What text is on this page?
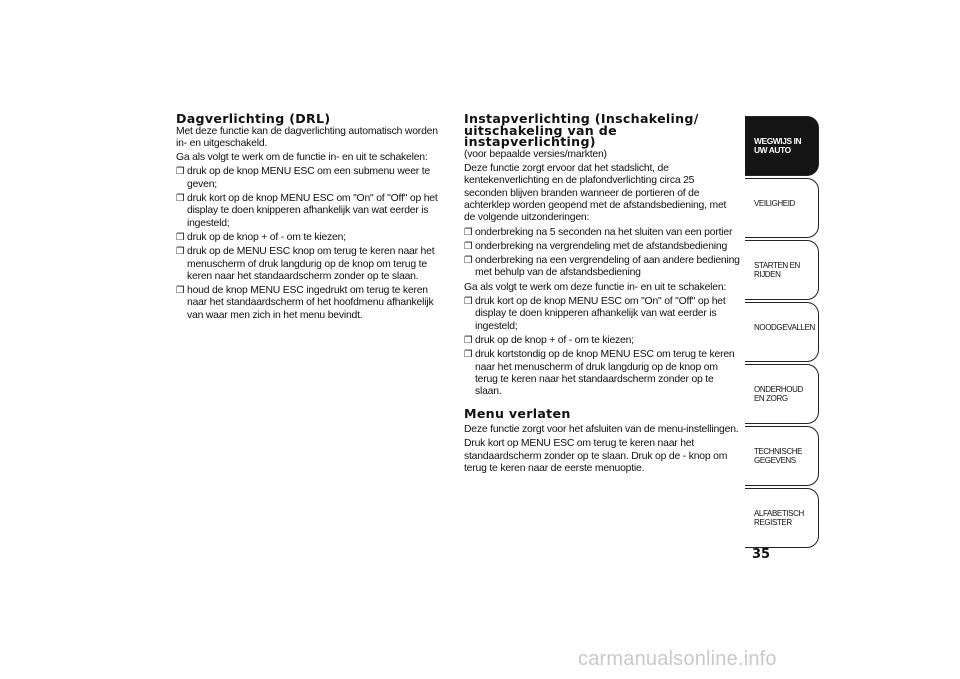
Dagverlichting (DRL)

Met deze functie kan de dagverlichting automatisch worden in- en uitgeschakeld.

Ga als volgt te werk om de functie in- en uit te schakelen:

❒ druk op de knop MENU ESC om een submenu weer te geven;
❒ druk kort op de knop MENU ESC om "On" of "Off" op het display te doen knipperen afhankelijk van wat eerder is ingesteld;
❒ druk op de knop + of - om te kiezen;
❒ druk op de MENU ESC knop om terug te keren naar het menuscherm of druk langdurig op de knop om terug te keren naar het standaardscherm zonder op te slaan.
❒ houd de knop MENU ESC ingedrukt om terug te keren naar het standaardscherm of het hoofdmenu afhankelijk van waar men zich in het menu bevindt.
Instapverlichting (Inschakeling/ uitschakeling van de instapverlichting)

(voor bepaalde versies/markten)

Deze functie zorgt ervoor dat het stadslicht, de kentekenverlichting en de plafondverlichting circa 25 seconden blijven branden wanneer de portieren of de achterklep worden geopend met de afstandsbediening, met de volgende uitzonderingen:

❒ onderbreking na 5 seconden na het sluiten van een portier
❒ onderbreking na vergrendeling met de afstandsbediening
❒ onderbreking na een vergrendeling of aan andere bediening met behulp van de afstandsbediening

Ga als volgt te werk om deze functie in- en uit te schakelen:

❒ druk kort op de knop MENU ESC om "On" of "Off" op het display te doen knipperen afhankelijk van wat eerder is ingesteld;
❒ druk op de knop + of - om te kiezen;
❒ druk kortstondig op de knop MENU ESC om terug te keren naar het menuscherm of druk langdurig op de knop om terug te keren naar het standaardscherm zonder op te slaan.
Menu verlaten

Deze functie zorgt voor het afsluiten van de menu-instellingen.

Druk kort op MENU ESC om terug te keren naar het standaardscherm zonder op te slaan. Druk op de - knop om terug te keren naar de eerste menuoptie.

WEGWIJS IN UW AUTO
VEILIGHEID
STARTEN EN RIJDEN
NOODGEVALLEN
ONDERHOUD EN ZORG
TECHNISCHE GEGEVENS
ALFABETISCH REGISTER
35
carmanualsonline.info
